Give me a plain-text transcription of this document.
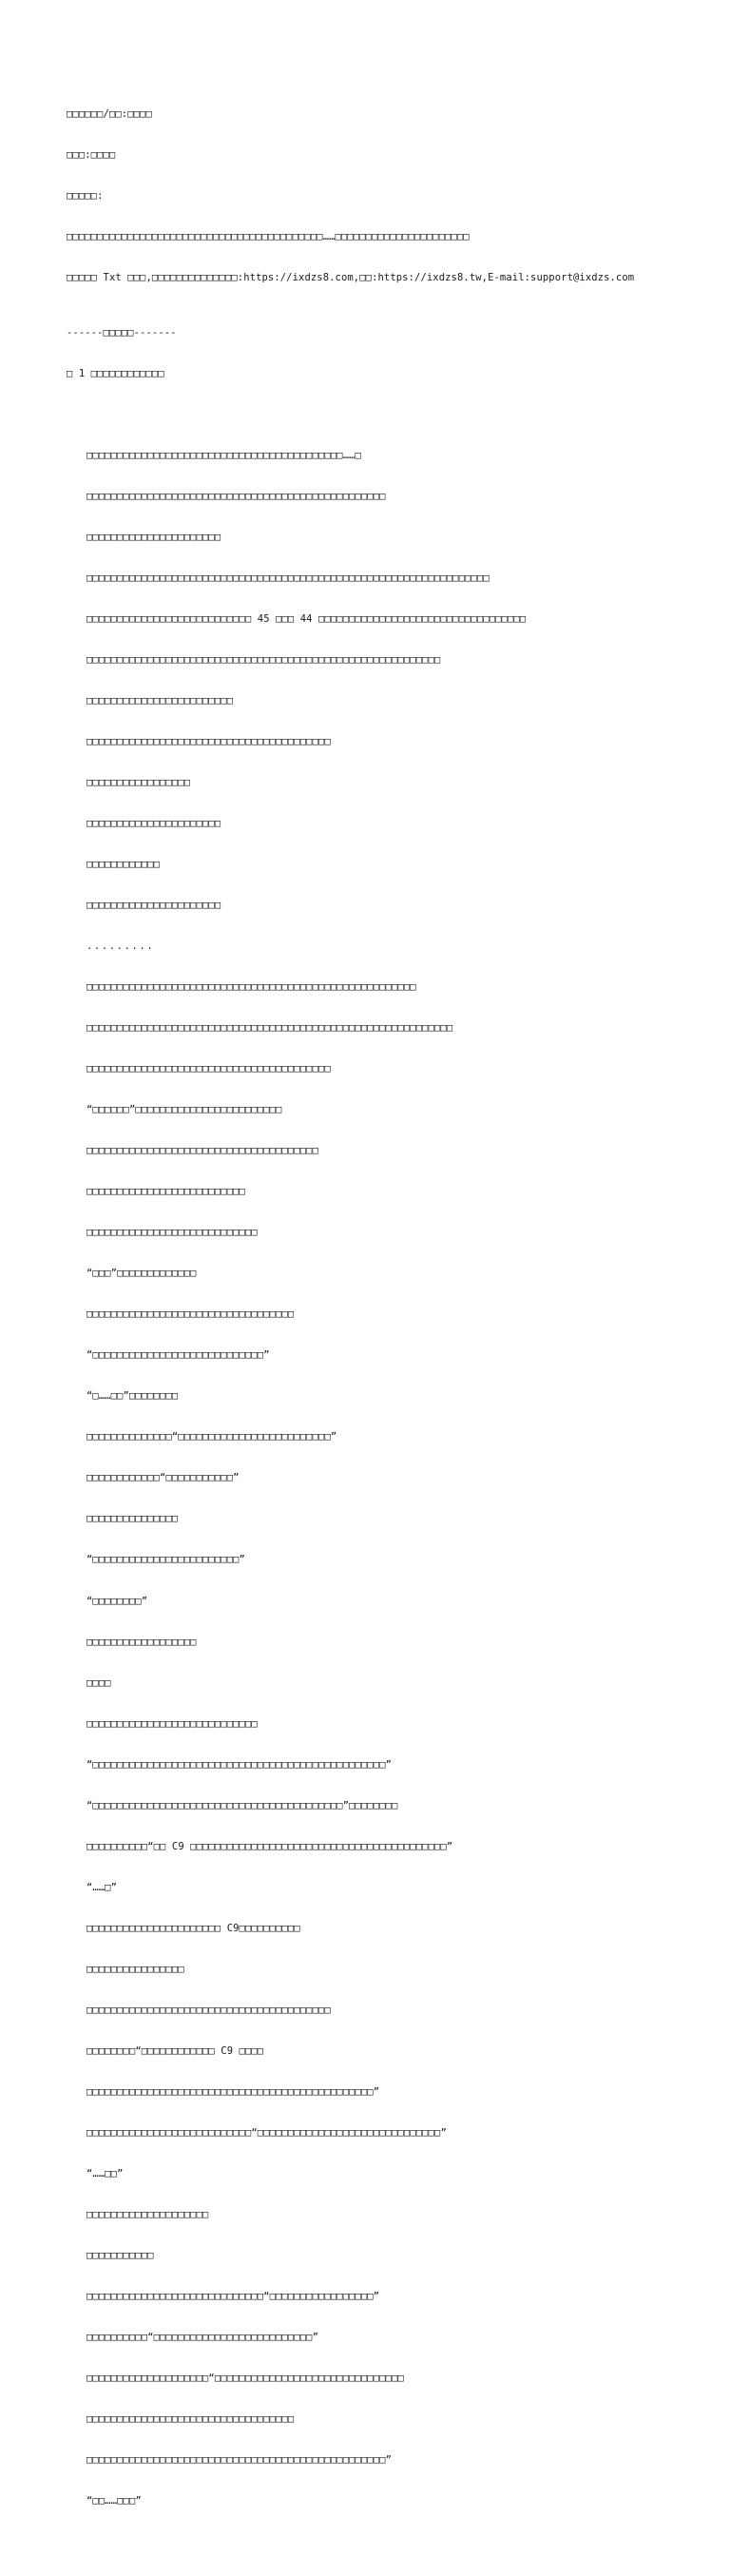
□□□□□□/□□:□□□□

□□□:□□□□

□□□□□:

□□□□□□□□□□□□□□□□□□□□□□□□□□□□□□□□□□□□□□□□□□……□□□□□□□□□□□□□□□□□□□□□□

□□□□□ Txt □□□,□□□□□□□□□□□□□□:https://ixdzs8.com,□□:https://ixdzs8.tw,E-mail:support@ixdzs.com

------□□□□□-------

□ 1 □□□□□□□□□□□□

□□□□□□□□□□□□□□□□□□□□□□□□□□□□□□□□□□□□□□□□□□……□

□□□□□□□□□□□□□□□□□□□□□□□□□□□□□□□□□□□□□□□□□□□□□□□□□

□□□□□□□□□□□□□□□□□□□□□□

□□□□□□□□□□□□□□□□□□□□□□□□□□□□□□□□□□□□□□□□□□□□□□□□□□□□□□□□□□□□□□□□□□

□□□□□□□□□□□□□□□□□□□□□□□□□□□ 45 □□□ 44 □□□□□□□□□□□□□□□□□□□□□□□□□□□□□□□□□□

□□□□□□□□□□□□□□□□□□□□□□□□□□□□□□□□□□□□□□□□□□□□□□□□□□□□□□□□□□

□□□□□□□□□□□□□□□□□□□□□□□□

□□□□□□□□□□□□□□□□□□□□□□□□□□□□□□□□□□□□□□□□

□□□□□□□□□□□□□□□□□

□□□□□□□□□□□□□□□□□□□□□□

□□□□□□□□□□□□

□□□□□□□□□□□□□□□□□□□□□□

.........

□□□□□□□□□□□□□□□□□□□□□□□□□□□□□□□□□□□□□□□□□□□□□□□□□□□□□□

□□□□□□□□□□□□□□□□□□□□□□□□□□□□□□□□□□□□□□□□□□□□□□□□□□□□□□□□□□□□

□□□□□□□□□□□□□□□□□□□□□□□□□□□□□□□□□□□□□□□□

“□□□□□□”□□□□□□□□□□□□□□□□□□□□□□□□

□□□□□□□□□□□□□□□□□□□□□□□□□□□□□□□□□□□□□□

□□□□□□□□□□□□□□□□□□□□□□□□□□

□□□□□□□□□□□□□□□□□□□□□□□□□□□□

“□□□”□□□□□□□□□□□□□

□□□□□□□□□□□□□□□□□□□□□□□□□□□□□□□□□□

“□□□□□□□□□□□□□□□□□□□□□□□□□□□□”

“□……□□”□□□□□□□□

□□□□□□□□□□□□□□“□□□□□□□□□□□□□□□□□□□□□□□□□”

□□□□□□□□□□□□“□□□□□□□□□□□”

□□□□□□□□□□□□□□□

“□□□□□□□□□□□□□□□□□□□□□□□□”

“□□□□□□□□”

□□□□□□□□□□□□□□□□□□

□□□□

□□□□□□□□□□□□□□□□□□□□□□□□□□□□

“□□□□□□□□□□□□□□□□□□□□□□□□□□□□□□□□□□□□□□□□□□□□□□□□”

“□□□□□□□□□□□□□□□□□□□□□□□□□□□□□□□□□□□□□□□□□”□□□□□□□□

□□□□□□□□□□“□□ C9 □□□□□□□□□□□□□□□□□□□□□□□□□□□□□□□□□□□□□□□□□□”

“……□”

□□□□□□□□□□□□□□□□□□□□□□ C9□□□□□□□□□□

□□□□□□□□□□□□□□□□

□□□□□□□□□□□□□□□□□□□□□□□□□□□□□□□□□□□□□□□□

□□□□□□□□“□□□□□□□□□□□□ C9 □□□□

□□□□□□□□□□□□□□□□□□□□□□□□□□□□□□□□□□□□□□□□□□□□□□□”

□□□□□□□□□□□□□□□□□□□□□□□□□□□“□□□□□□□□□□□□□□□□□□□□□□□□□□□□□□”

“……□□”

□□□□□□□□□□□□□□□□□□□□

□□□□□□□□□□□

□□□□□□□□□□□□□□□□□□□□□□□□□□□□□“□□□□□□□□□□□□□□□□□”

□□□□□□□□□□“□□□□□□□□□□□□□□□□□□□□□□□□□□”

□□□□□□□□□□□□□□□□□□□□“□□□□□□□□□□□□□□□□□□□□□□□□□□□□□□□

□□□□□□□□□□□□□□□□□□□□□□□□□□□□□□□□□□

□□□□□□□□□□□□□□□□□□□□□□□□□□□□□□□□□□□□□□□□□□□□□□□□□”

“□□……□□□”
